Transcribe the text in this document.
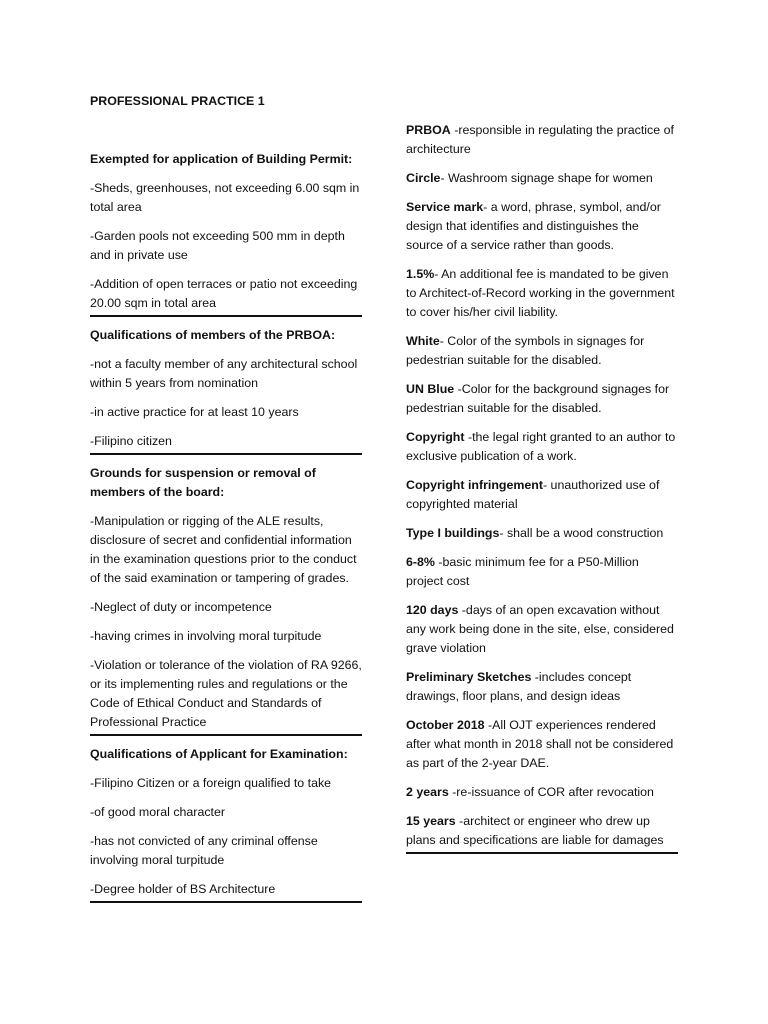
PROFESSIONAL PRACTICE 1
Exempted for application of Building Permit:

-Sheds, greenhouses, not exceeding 6.00 sqm in total area

-Garden pools not exceeding 500 mm in depth and in private use

-Addition of open terraces or patio not exceeding 20.00 sqm in total area

Qualifications of members of the PRBOA:

-not a faculty member of any architectural school within 5 years from nomination

-in active practice for at least 10 years

-Filipino citizen

Grounds for suspension or removal of members of the board:

-Manipulation or rigging of the ALE results, disclosure of secret and confidential information in the examination questions prior to the conduct of the said examination or tampering of grades.

-Neglect of duty or incompetence

-having crimes in involving moral turpitude

-Violation or tolerance of the violation of RA 9266, or its implementing rules and regulations or the Code of Ethical Conduct and Standards of Professional Practice

Qualifications of Applicant for Examination:

-Filipino Citizen or a foreign qualified to take

-of good moral character

-has not convicted of any criminal offense involving moral turpitude

-Degree holder of BS Architecture

PRBOA -responsible in regulating the practice of architecture

Circle- Washroom signage shape for women

Service mark- a word, phrase, symbol, and/or design that identifies and distinguishes the source of a service rather than goods.

1.5%- An additional fee is mandated to be given to Architect-of-Record working in the government to cover his/her civil liability.

White- Color of the symbols in signages for pedestrian suitable for the disabled.

UN Blue -Color for the background signages for pedestrian suitable for the disabled.

Copyright -the legal right granted to an author to exclusive publication of a work.

Copyright infringement- unauthorized use of copyrighted material

Type I buildings- shall be a wood construction

6-8% -basic minimum fee for a P50-Million project cost

120 days -days of an open excavation without any work being done in the site, else, considered grave violation

Preliminary Sketches -includes concept drawings, floor plans, and design ideas

October 2018 -All OJT experiences rendered after what month in 2018 shall not be considered as part of the 2-year DAE.

2 years -re-issuance of COR after revocation

15 years -architect or engineer who drew up plans and specifications are liable for damages
